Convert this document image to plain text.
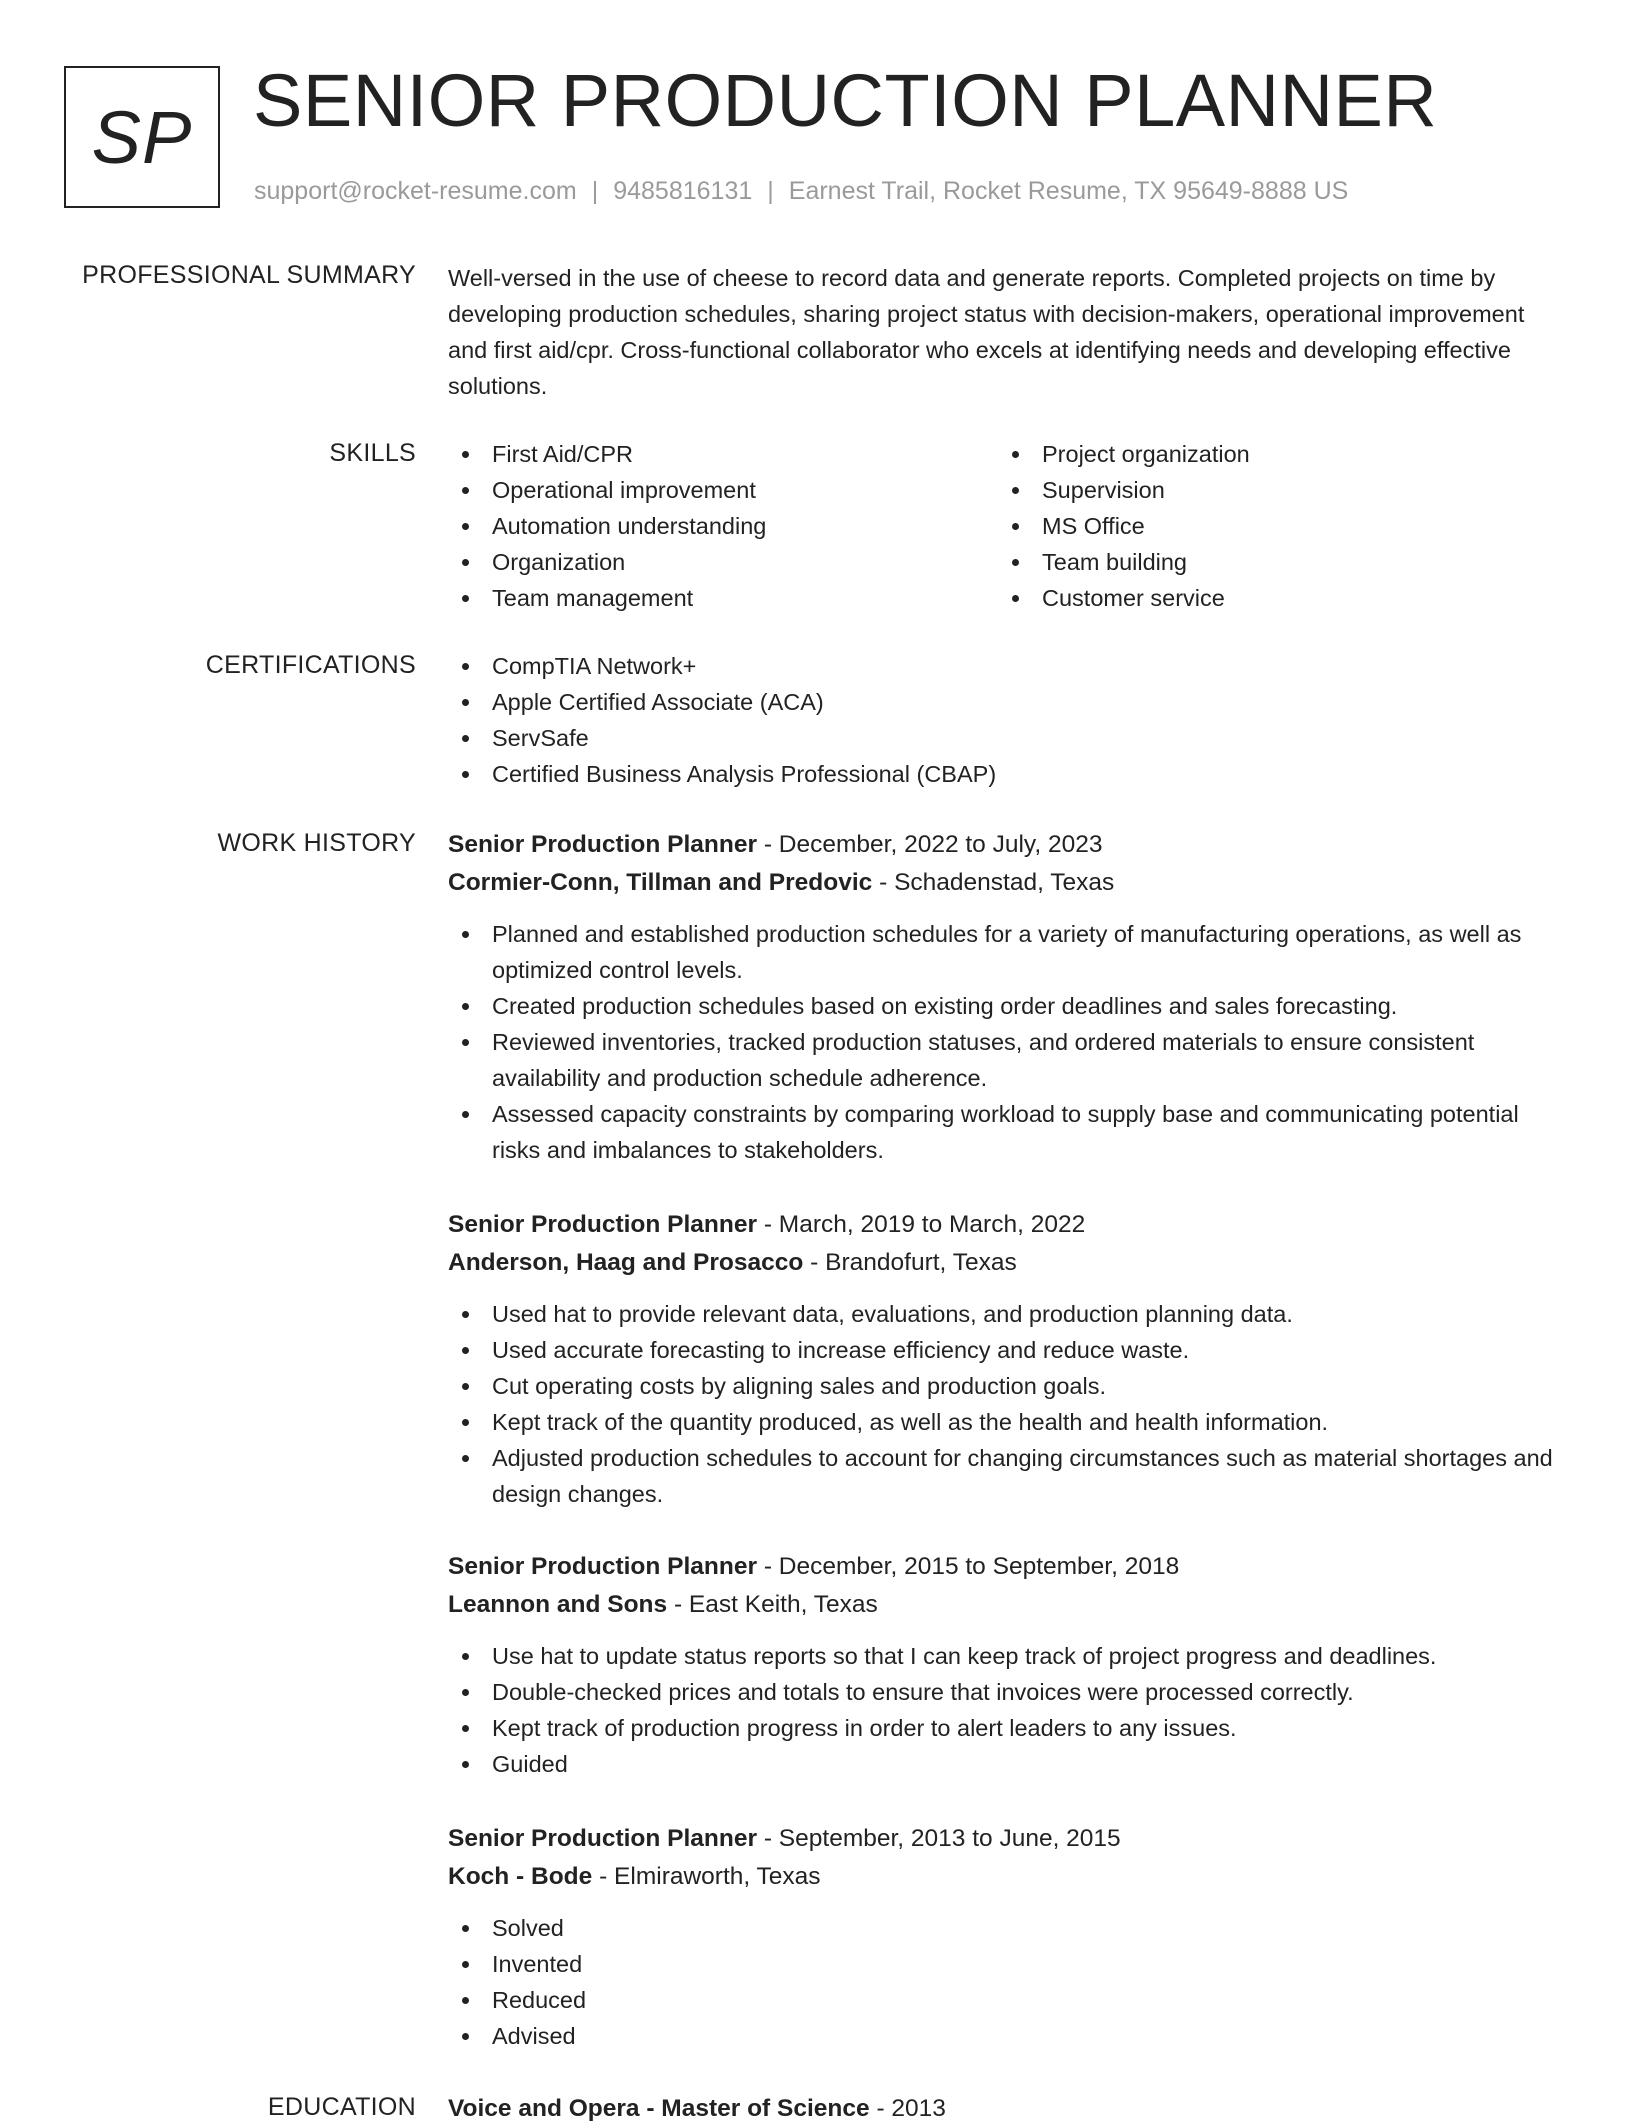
SP SENIOR PRODUCTION PLANNER
support@rocket-resume.com | 9485816131 | Earnest Trail, Rocket Resume, TX 95649-8888 US
PROFESSIONAL SUMMARY Well-versed in the use of cheese to record data and generate reports. Completed projects on time by developing production schedules, sharing project status with decision-makers, operational improvement and first aid/cpr. Cross-functional collaborator who excels at identifying needs and developing effective solutions.

SKILLS	First Aid/CPR
Operational improvement
Automation understanding
Organization
Team management
Project organization
Supervision
MS Office
Team building
Customer service
CERTIFICATIONS	CompTIA Network+
Apple Certified Associate (ACA)
ServSafe
Certified Business Analysis Professional (CBAP)
WORK HISTORY Senior Production Planner - December, 2022 to July, 2023
Cormier-Conn, Tillman and Predovic - Schadenstad, Texas
Planned and established production schedules for a variety of manufacturing operations, as well as optimized control levels.
Created production schedules based on existing order deadlines and sales forecasting.
Reviewed inventories, tracked production statuses, and ordered materials to ensure consistent availability and production schedule adherence.
Assessed capacity constraints by comparing workload to supply base and communicating potential risks and imbalances to stakeholders.
Senior Production Planner - March, 2019 to March, 2022
Anderson, Haag and Prosacco - Brandofurt, Texas
Used hat to provide relevant data, evaluations, and production planning data.
Used accurate forecasting to increase efficiency and reduce waste.
Cut operating costs by aligning sales and production goals.
Kept track of the quantity produced, as well as the health and health information.
Adjusted production schedules to account for changing circumstances such as material shortages and design changes.
Senior Production Planner - December, 2015 to September, 2018
Leannon and Sons - East Keith, Texas
Use hat to update status reports so that I can keep track of project progress and deadlines.
Double-checked prices and totals to ensure that invoices were processed correctly.
Kept track of production progress in order to alert leaders to any issues.
Guided
Senior Production Planner - September, 2013 to June, 2015
Koch - Bode - Elmiraworth, Texas
Solved
Invented
Reduced
Advised
EDUCATION Voice and Opera - Master of Science - 2013
